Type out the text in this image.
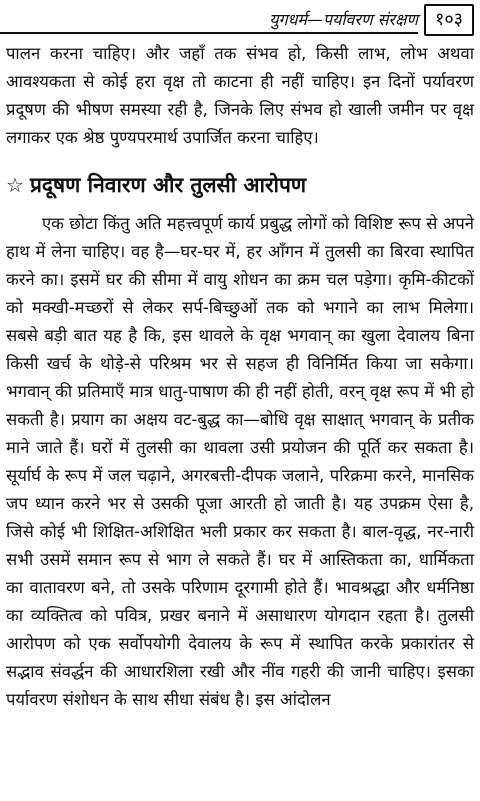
युगधर्म—पर्यावरण संरक्षण १०३

पालन करना चाहिए। और जहाँ तक संभव हो, किसी लाभ, लोभ अथवा आवश्यकता से कोई हरा वृक्ष तो काटना ही नहीं चाहिए। इन दिनों पर्यावरण प्रदूषण की भीषण समस्या रही है, जिनके लिए संभव हो खाली जमीन पर वृक्ष लगाकर एक श्रेष्ठ पुण्यपरमार्थ उपार्जित करना चाहिए।

☆ प्रदूषण निवारण और तुलसी आरोपण

एक छोटा किंतु अति महत्त्वपूर्ण कार्य प्रबुद्ध लोगों को विशिष्ट रूप से अपने हाथ में लेना चाहिए। वह है—घर-घर में, हर आँगन में तुलसी का बिरवा स्थापित करने का। इसमें घर की सीमा में वायु शोधन का क्रम चल पड़ेगा। कृमि-कीटकों को मक्खी-मच्छरों से लेकर सर्प-बिच्छुओं तक को भगाने का लाभ मिलेगा। सबसे बड़ी बात यह है कि, इस थावले के वृक्ष भगवान् का खुला देवालय बिना किसी खर्च के थोड़े-से परिश्रम भर से सहज ही विनिर्मित किया जा सकेगा। भगवान् की प्रतिमाएँ मात्र धातु-पाषाण की ही नहीं होती, वरन् वृक्ष रूप में भी हो सकती है। प्रयाग का अक्षय वट-बुद्ध का—बोधि वृक्ष साक्षात् भगवान् के प्रतीक माने जाते हैं। घरों में तुलसी का थावला उसी प्रयोजन की पूर्ति कर सकता है। सूर्यार्घ के रूप में जल चढ़ाने, अगरबत्ती-दीपक जलाने, परिक्रमा करने, मानसिक जप ध्यान करने भर से उसकी पूजा आरती हो जाती है। यह उपक्रम ऐसा है, जिसे कोई भी शिक्षित-अशिक्षित भली प्रकार कर सकता है। बाल-वृद्ध, नर-नारी सभी उसमें समान रूप से भाग ले सकते हैं। घर में आस्तिकता का, धार्मिकता का वातावरण बने, तो उसके परिणाम दूरगामी होते हैं। भावश्रद्धा और धर्मनिष्ठा का व्यक्तित्व को पवित्र, प्रखर बनाने में असाधारण योगदान रहता है। तुलसी आरोपण को एक सर्वोपयोगी देवालय के रूप में स्थापित करके प्रकारांतर से सद्भाव संवर्द्धन की आधारशिला रखी और नींव गहरी की जानी चाहिए। इसका पर्यावरण संशोधन के साथ सीधा संबंध है। इस आंदोलन
